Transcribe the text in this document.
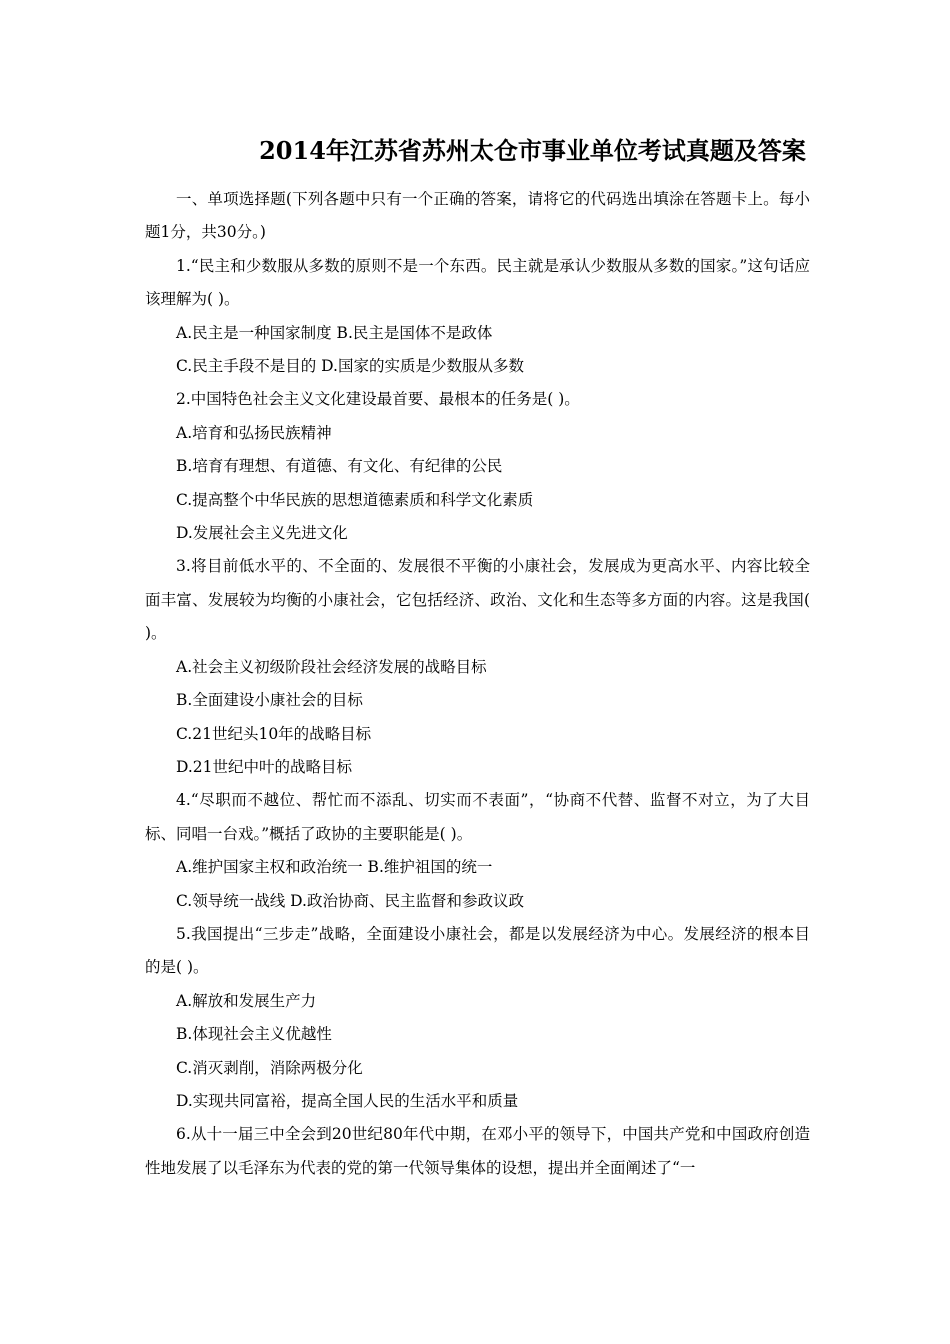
2014年江苏省苏州太仓市事业单位考试真题及答案

一、单项选择题(下列各题中只有一个正确的答案，请将它的代码选出填涂在答题卡上。每小题1分，共30分。)

1.“民主和少数服从多数的原则不是一个东西。民主就是承认少数服从多数的国家。”这句话应该理解为( )。

A.民主是一种国家制度 B.民主是国体不是政体

C.民主手段不是目的 D.国家的实质是少数服从多数

2.中国特色社会主义文化建设最首要、最根本的任务是( )。

A.培育和弘扬民族精神

B.培育有理想、有道德、有文化、有纪律的公民

C.提高整个中华民族的思想道德素质和科学文化素质

D.发展社会主义先进文化

3.将目前低水平的、不全面的、发展很不平衡的小康社会，发展成为更高水平、内容比较全面丰富、发展较为均衡的小康社会，它包括经济、政治、文化和生态等多方面的内容。这是我国( )。

A.社会主义初级阶段社会经济发展的战略目标

B.全面建设小康社会的目标

C.21世纪头10年的战略目标

D.21世纪中叶的战略目标

4.“尽职而不越位、帮忙而不添乱、切实而不表面”，“协商不代替、监督不对立，为了大目标、同唱一台戏。”概括了政协的主要职能是( )。

A.维护国家主权和政治统一 B.维护祖国的统一

C.领导统一战线 D.政治协商、民主监督和参政议政

5.我国提出“三步走”战略，全面建设小康社会，都是以发展经济为中心。发展经济的根本目的是( )。

A.解放和发展生产力

B.体现社会主义优越性

C.消灭剥削，消除两极分化

D.实现共同富裕，提高全国人民的生活水平和质量

6.从十一届三中全会到20世纪80年代中期，在邓小平的领导下，中国共产党和中国政府创造性地发展了以毛泽东为代表的党的第一代领导集体的设想，提出并全面阐述了“一
